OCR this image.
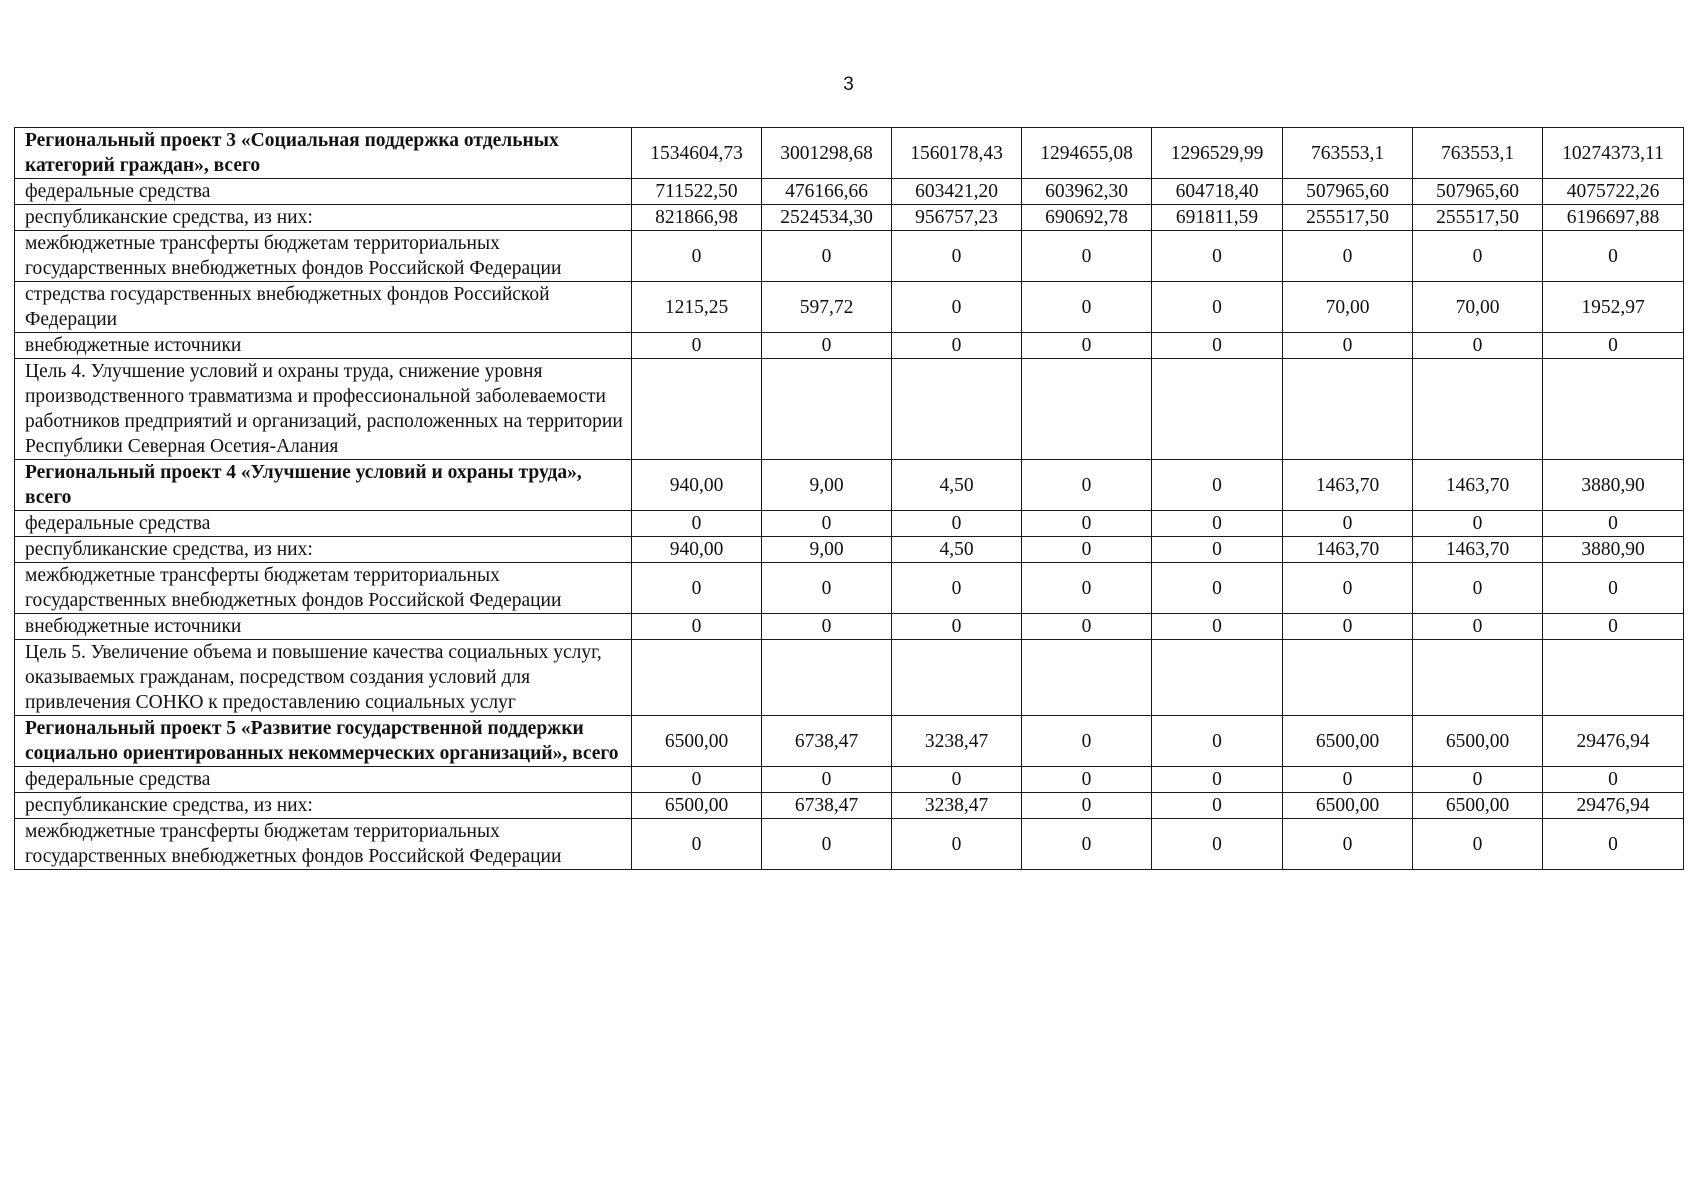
3
Региональный проект 3 «Социальная поддержка отдельных категорий граждан», всего	1534604,73	3001298,68	1560178,43	1294655,08	1296529,99	763553,1	763553,1	10274373,11
федеральные средства	711522,50	476166,66	603421,20	603962,30	604718,40	507965,60	507965,60	4075722,26
республиканские средства, из них:	821866,98	2524534,30	956757,23	690692,78	691811,59	255517,50	255517,50	6196697,88
межбюджетные трансферты бюджетам территориальных государственных внебюджетных фондов Российской Федерации	0	0	0	0	0	0	0	0
стредства государственных внебюджетных фондов Российской Федерации	1215,25	597,72	0	0	0	70,00	70,00	1952,97
внебюджетные источники	0	0	0	0	0	0	0	0
Цель 4. Улучшение условий и охраны труда, снижение уровня производственного травматизма и профессиональной заболеваемости работников предприятий и организаций, расположенных на территории Республики Северная Осетия-Алания								
Региональный проект 4 «Улучшение условий и охраны труда», всего	940,00	9,00	4,50	0	0	1463,70	1463,70	3880,90
федеральные средства	0	0	0	0	0	0	0	0
республиканские средства, из них:	940,00	9,00	4,50	0	0	1463,70	1463,70	3880,90
межбюджетные трансферты бюджетам территориальных государственных внебюджетных фондов Российской Федерации	0	0	0	0	0	0	0	0
внебюджетные источники	0	0	0	0	0	0	0	0
Цель 5. Увеличение объема и повышение качества социальных услуг, оказываемых гражданам, посредством создания условий для привлечения СОНКО к предоставлению социальных услуг								
Региональный проект 5 «Развитие государственной поддержки социально ориентированных некоммерческих организаций», всего	6500,00	6738,47	3238,47	0	0	6500,00	6500,00	29476,94
федеральные средства	0	0	0	0	0	0	0	0
республиканские средства, из них:	6500,00	6738,47	3238,47	0	0	6500,00	6500,00	29476,94
межбюджетные трансферты бюджетам территориальных государственных внебюджетных фондов Российской Федерации	0	0	0	0	0	0	0	0
